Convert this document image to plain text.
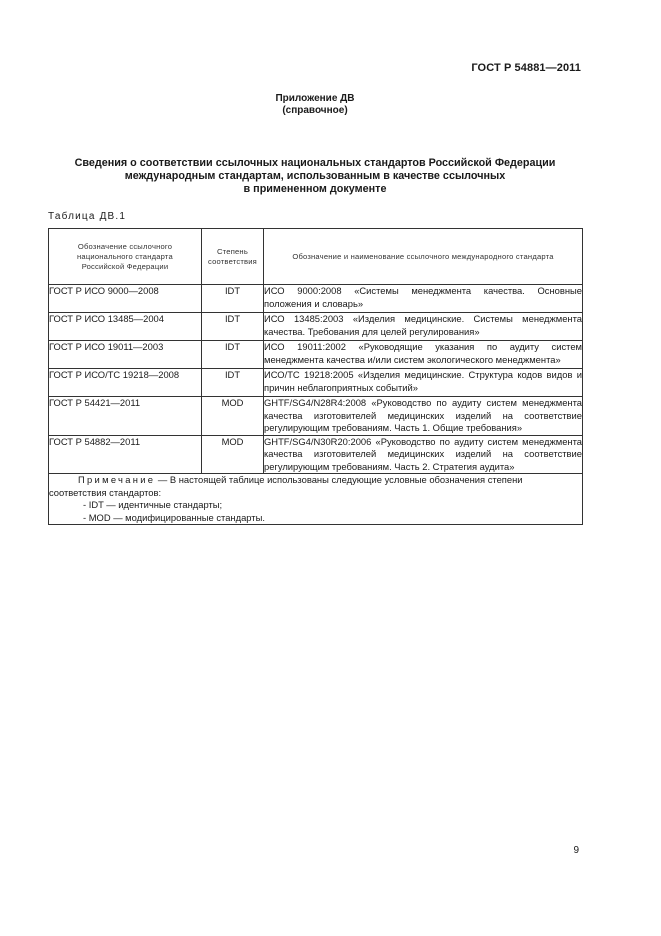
ГОСТ Р 54881—2011
Приложение ДВ
(справочное)
Сведения о соответствии ссылочных национальных стандартов Российской Федерации
международным стандартам, использованным в качестве ссылочных
в примененном документе
Таблица ДВ.1
Обозначение ссылочного национального стандарта Российской Федерации	Степень соответствия	Обозначение и наименование ссылочного международного стандарта
ГОСТ Р ИСО 9000—2008	IDT	ИСО 9000:2008 «Системы менеджмента качества. Основные положения и словарь»
ГОСТ Р ИСО 13485—2004	IDT	ИСО 13485:2003 «Изделия медицинские. Системы менеджмента качества. Требования для целей регулирования»
ГОСТ Р ИСО 19011—2003	IDT	ИСО 19011:2002 «Руководящие указания по аудиту систем менеджмента качества и/или систем экологического менеджмента»
ГОСТ Р ИСО/ТС 19218—2008	IDT	ИСО/ТС 19218:2005 «Изделия медицинские. Структура кодов видов и причин неблагоприятных событий»
ГОСТ Р 54421—2011	MOD	GHTF/SG4/N28R4:2008 «Руководство по аудиту систем менеджмента качества изготовителей медицинских изделий на соответствие регулирующим требованиям. Часть 1. Общие требования»
ГОСТ Р 54882—2011	MOD	GHTF/SG4/N30R20:2006 «Руководство по аудиту систем менеджмента качества изготовителей медицинских изделий на соответствие регулирующим требованиям. Часть 2. Стратегия аудита»

Примечание — В настоящей таблице использованы следующие условные обозначения степени соответствия стандартов:
- IDT — идентичные стандарты;
- MOD — модифицированные стандарты.		
9
